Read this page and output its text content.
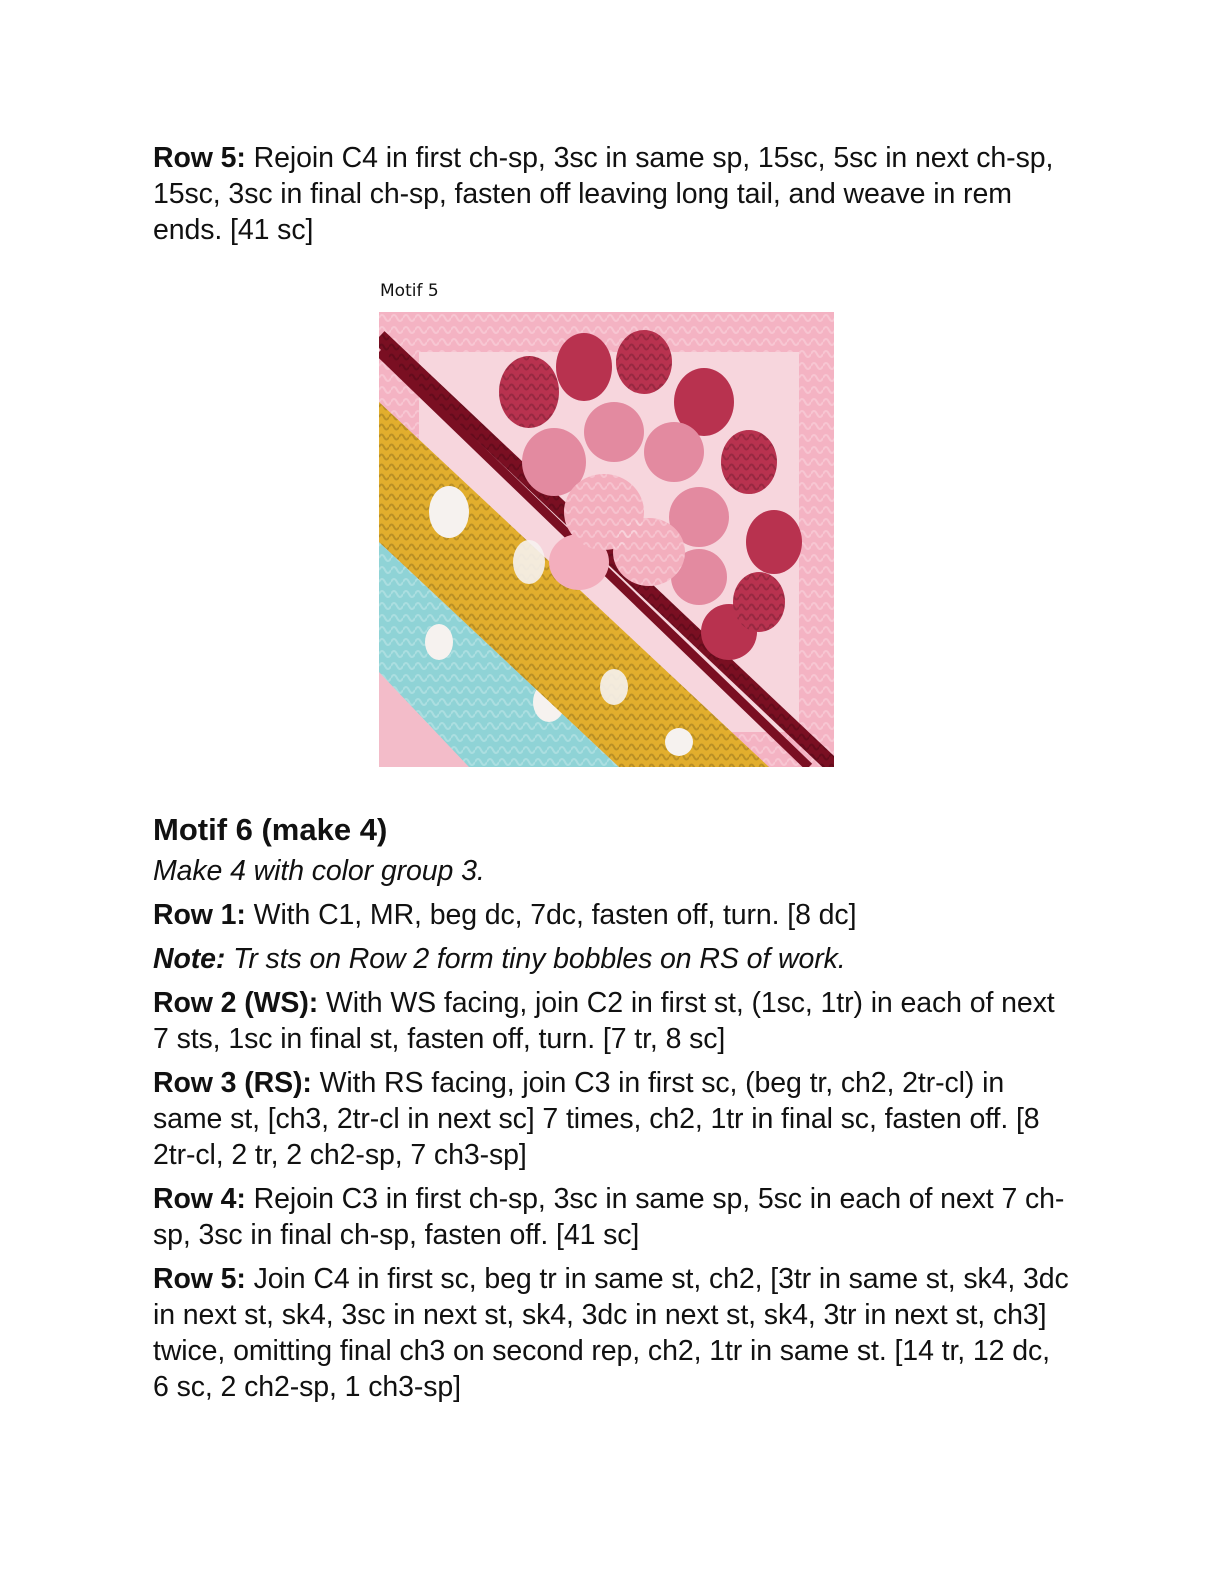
Row 5: Rejoin C4 in first ch-sp, 3sc in same sp, 15sc, 5sc in next ch-sp, 15sc, 3sc in final ch-sp, fasten off leaving long tail, and weave in rem ends. [41 sc]

Motif 5
Motif 6 (make 4)

Make 4 with color group 3.

Row 1: With C1, MR, beg dc, 7dc, fasten off, turn. [8 dc]

Note: Tr sts on Row 2 form tiny bobbles on RS of work.

Row 2 (WS): With WS facing, join C2 in first st, (1sc, 1tr) in each of next 7 sts, 1sc in final st, fasten off, turn. [7 tr, 8 sc]

Row 3 (RS): With RS facing, join C3 in first sc, (beg tr, ch2, 2tr-cl) in same st, [ch3, 2tr-cl in next sc] 7 times, ch2, 1tr in final sc, fasten off. [8 2tr-cl, 2 tr, 2 ch2-sp, 7 ch3-sp]

Row 4: Rejoin C3 in first ch-sp, 3sc in same sp, 5sc in each of next 7 ch-sp, 3sc in final ch-sp, fasten off. [41 sc]

Row 5: Join C4 in first sc, beg tr in same st, ch2, [3tr in same st, sk4, 3dc in next st, sk4, 3sc in next st, sk4, 3dc in next st, sk4, 3tr in next st, ch3] twice, omitting final ch3 on second rep, ch2, 1tr in same st. [14 tr, 12 dc, 6 sc, 2 ch2-sp, 1 ch3-sp]
